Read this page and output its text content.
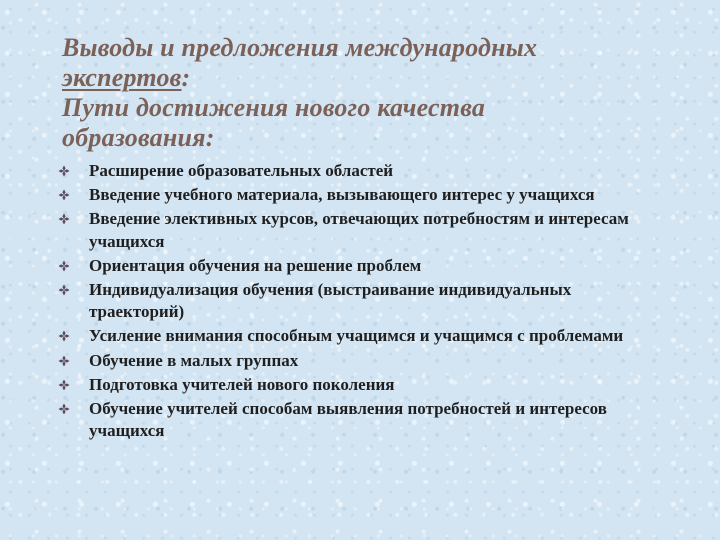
Выводы и предложения международных
экспертов:
Пути достижения нового качества
образования:
Расширение образовательных областей
Введение учебного материала, вызывающего интерес у учащихся
Введение элективных курсов, отвечающих потребностям и интересам учащихся
Ориентация обучения на решение проблем
Индивидуализация обучения (выстраивание индивидуальных траекторий)
Усиление внимания способным учащимся и учащимся с проблемами
Обучение в малых группах
Подготовка учителей нового поколения
Обучение учителей способам выявления потребностей и интересов учащихся
